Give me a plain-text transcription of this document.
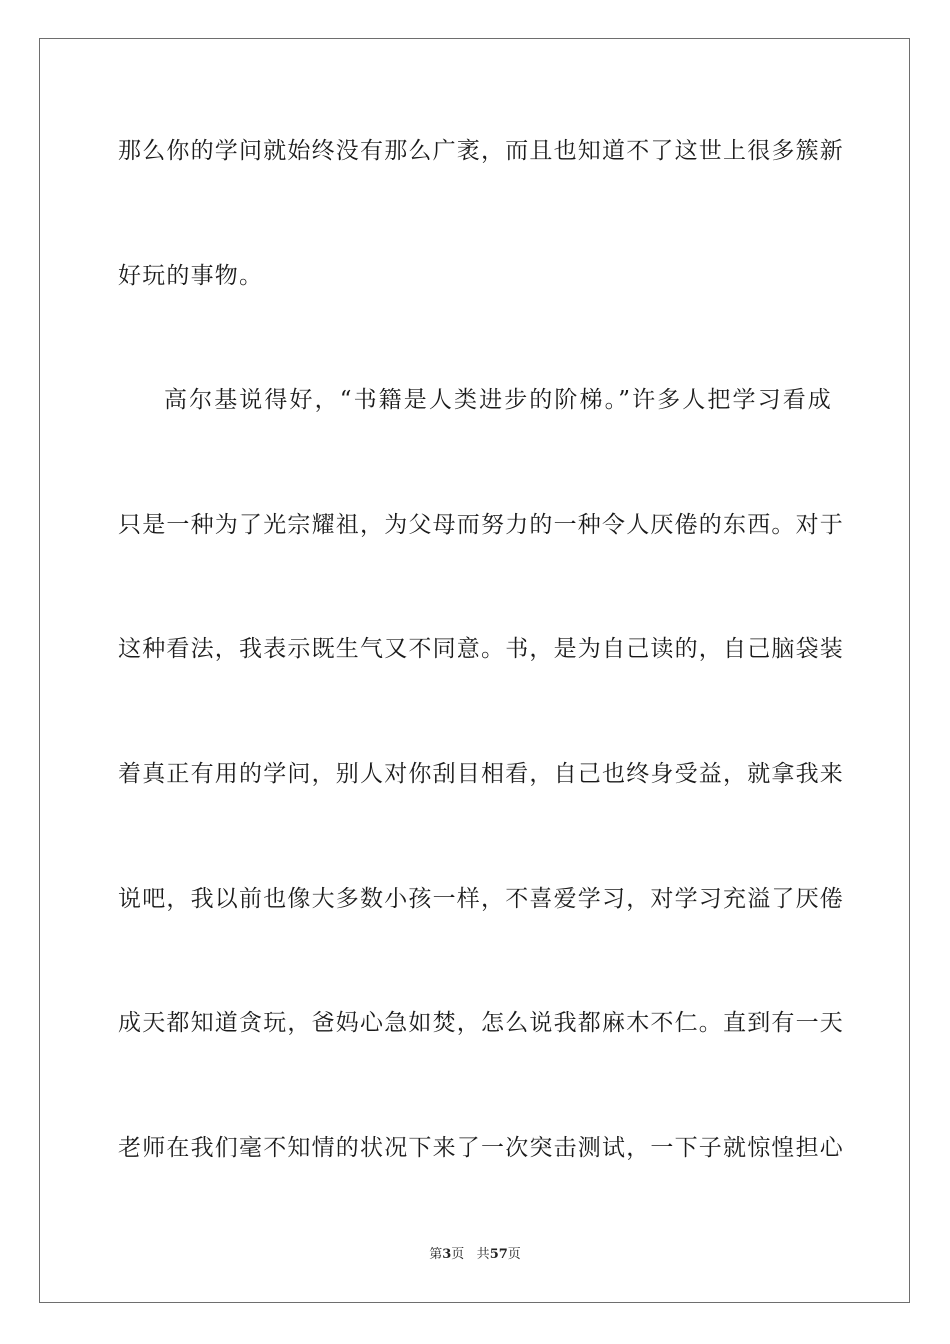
那么你的学问就始终没有那么广袤，而且也知道不了这世上很多簇新
好玩的事物。
高尔基说得好，“书籍是人类进步的阶梯。”许多人把学习看成
只是一种为了光宗耀祖，为父母而努力的一种令人厌倦的东西。对于
这种看法，我表示既生气又不同意。书，是为自己读的，自己脑袋装
着真正有用的学问，别人对你刮目相看，自己也终身受益，就拿我来
说吧，我以前也像大多数小孩一样，不喜爱学习，对学习充溢了厌倦
成天都知道贪玩，爸妈心急如焚，怎么说我都麻木不仁。直到有一天
老师在我们毫不知情的状况下来了一次突击测试，一下子就惊惶担心
第3页 共57页
